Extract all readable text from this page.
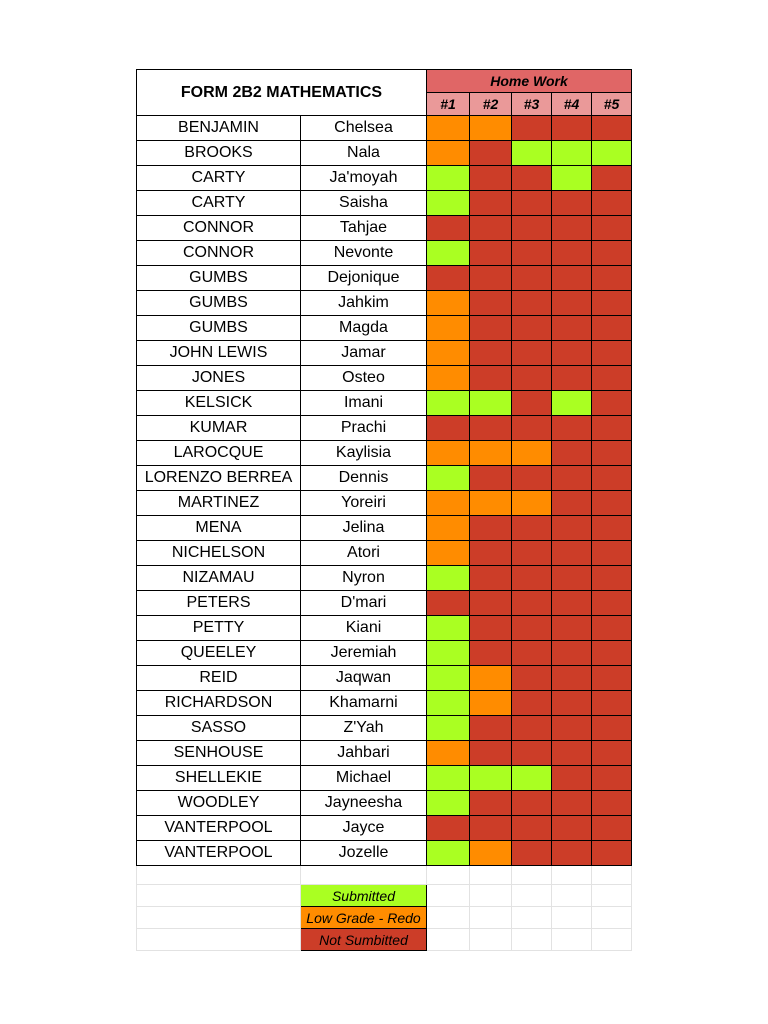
FORM 2B2 MATHEMATICS		Home Work				
		#1	#2	#3	#4	#5
BENJAMIN	Chelsea					
BROOKS	Nala					
CARTY	Ja'moyah					
CARTY	Saisha					
CONNOR	Tahjae					
CONNOR	Nevonte					
GUMBS	Dejonique					
GUMBS	Jahkim					
GUMBS	Magda					
JOHN LEWIS	Jamar					
JONES	Osteo					
KELSICK	Imani					
KUMAR	Prachi					
LAROCQUE	Kaylisia					
LORENZO BERREA	Dennis					
MARTINEZ	Yoreiri					
MENA	Jelina					
NICHELSON	Atori					
NIZAMAU	Nyron					
PETERS	D'mari					
PETTY	Kiani					
QUEELEY	Jeremiah					
REID	Jaqwan					
RICHARDSON	Khamarni					
SASSO	Z'Yah					
SENHOUSE	Jahbari					
SHELLEKIE	Michael					
WOODLEY	Jayneesha					
VANTERPOOL	Jayce					
VANTERPOOL	Jozelle					

	Submitted					
	Low Grade - Redo					
	Not Sumbitted					
